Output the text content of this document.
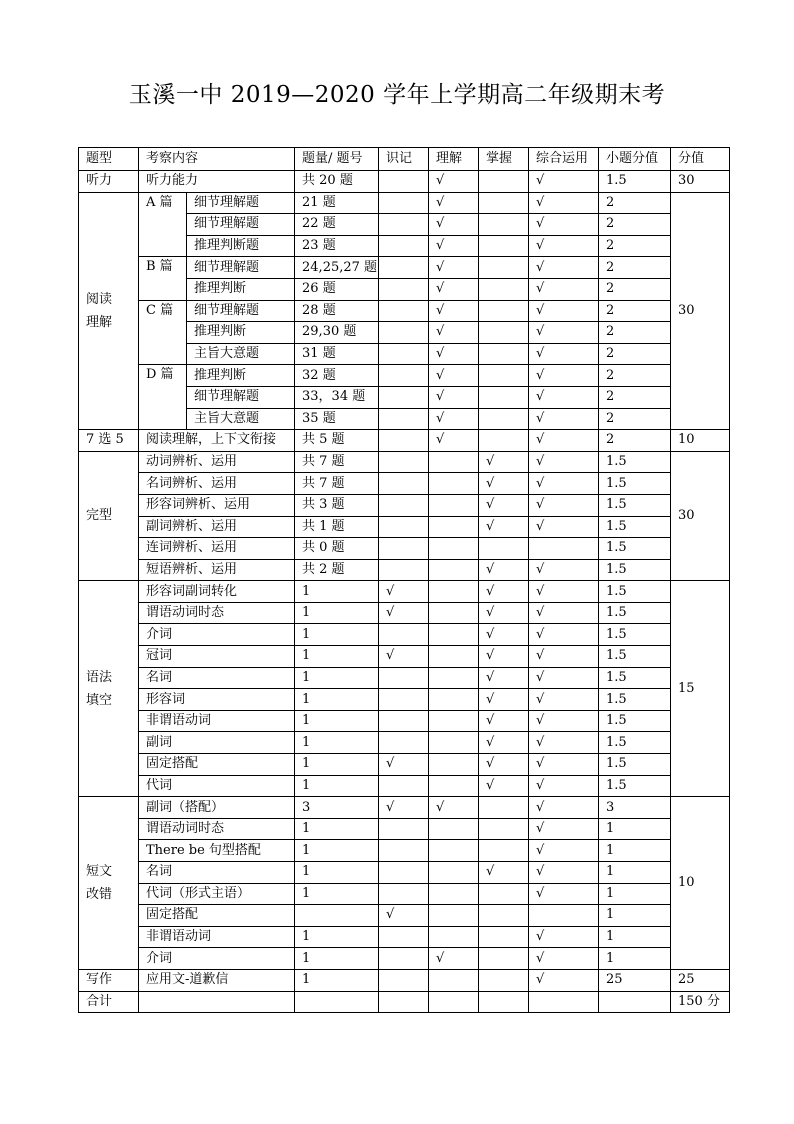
玉溪一中 2019—2020 学年上学期高二年级期末考
题型	考察内容		题量/ 题号	识记	理解	掌握	综合运用	小题分值	分值
听力	听力能力		共 20 题		√		√	1.5	30
阅读
理解	A 篇	细节理解题	21 题		√		√	2	30
		细节理解题	22 题		√		√	2	
		推理判断题	23 题		√		√	2	
	B 篇	细节理解题	24,25,27 题		√		√	2	
		推理判断	26 题		√		√	2	
	C 篇	细节理解题	28 题		√		√	2	
		推理判断	29,30 题		√		√	2	
		主旨大意题	31 题		√		√	2	
	D 篇	推理判断	32 题		√		√	2	
		细节理解题	33，34 题		√		√	2	
		主旨大意题	35 题		√		√	2	
7 选 5	阅读理解，上下文衔接		共 5 题		√		√	2	10
完型	动词辨析、运用		共 7 题			√	√	1.5	30
	名词辨析、运用		共 7 题			√	√	1.5	
	形容词辨析、运用		共 3 题			√	√	1.5	
	副词辨析、运用		共 1 题			√	√	1.5	
	连词辨析、运用		共 0 题					1.5	
	短语辨析、运用		共 2 题			√	√	1.5	
语法
填空	形容词副词转化		1	√		√	√	1.5	15
	谓语动词时态		1	√		√	√	1.5	
	介词		1			√	√	1.5	
	冠词		1	√		√	√	1.5	
	名词		1			√	√	1.5	
	形容词		1			√	√	1.5	
	非谓语动词		1			√	√	1.5	
	副词		1			√	√	1.5	
	固定搭配		1	√		√	√	1.5	
	代词		1			√	√	1.5	
短文
改错	副词（搭配）		3	√	√		√	3	10
	谓语动词时态		1				√	1	
	There be 句型搭配		1				√	1	
	名词		1			√	√	1	
	代词（形式主语）		1				√	1	
	固定搭配			√				1	
	非谓语动词		1				√	1	
	介词		1		√		√	1	
写作	应用文-道歉信		1				√	25	25
合计									150 分
